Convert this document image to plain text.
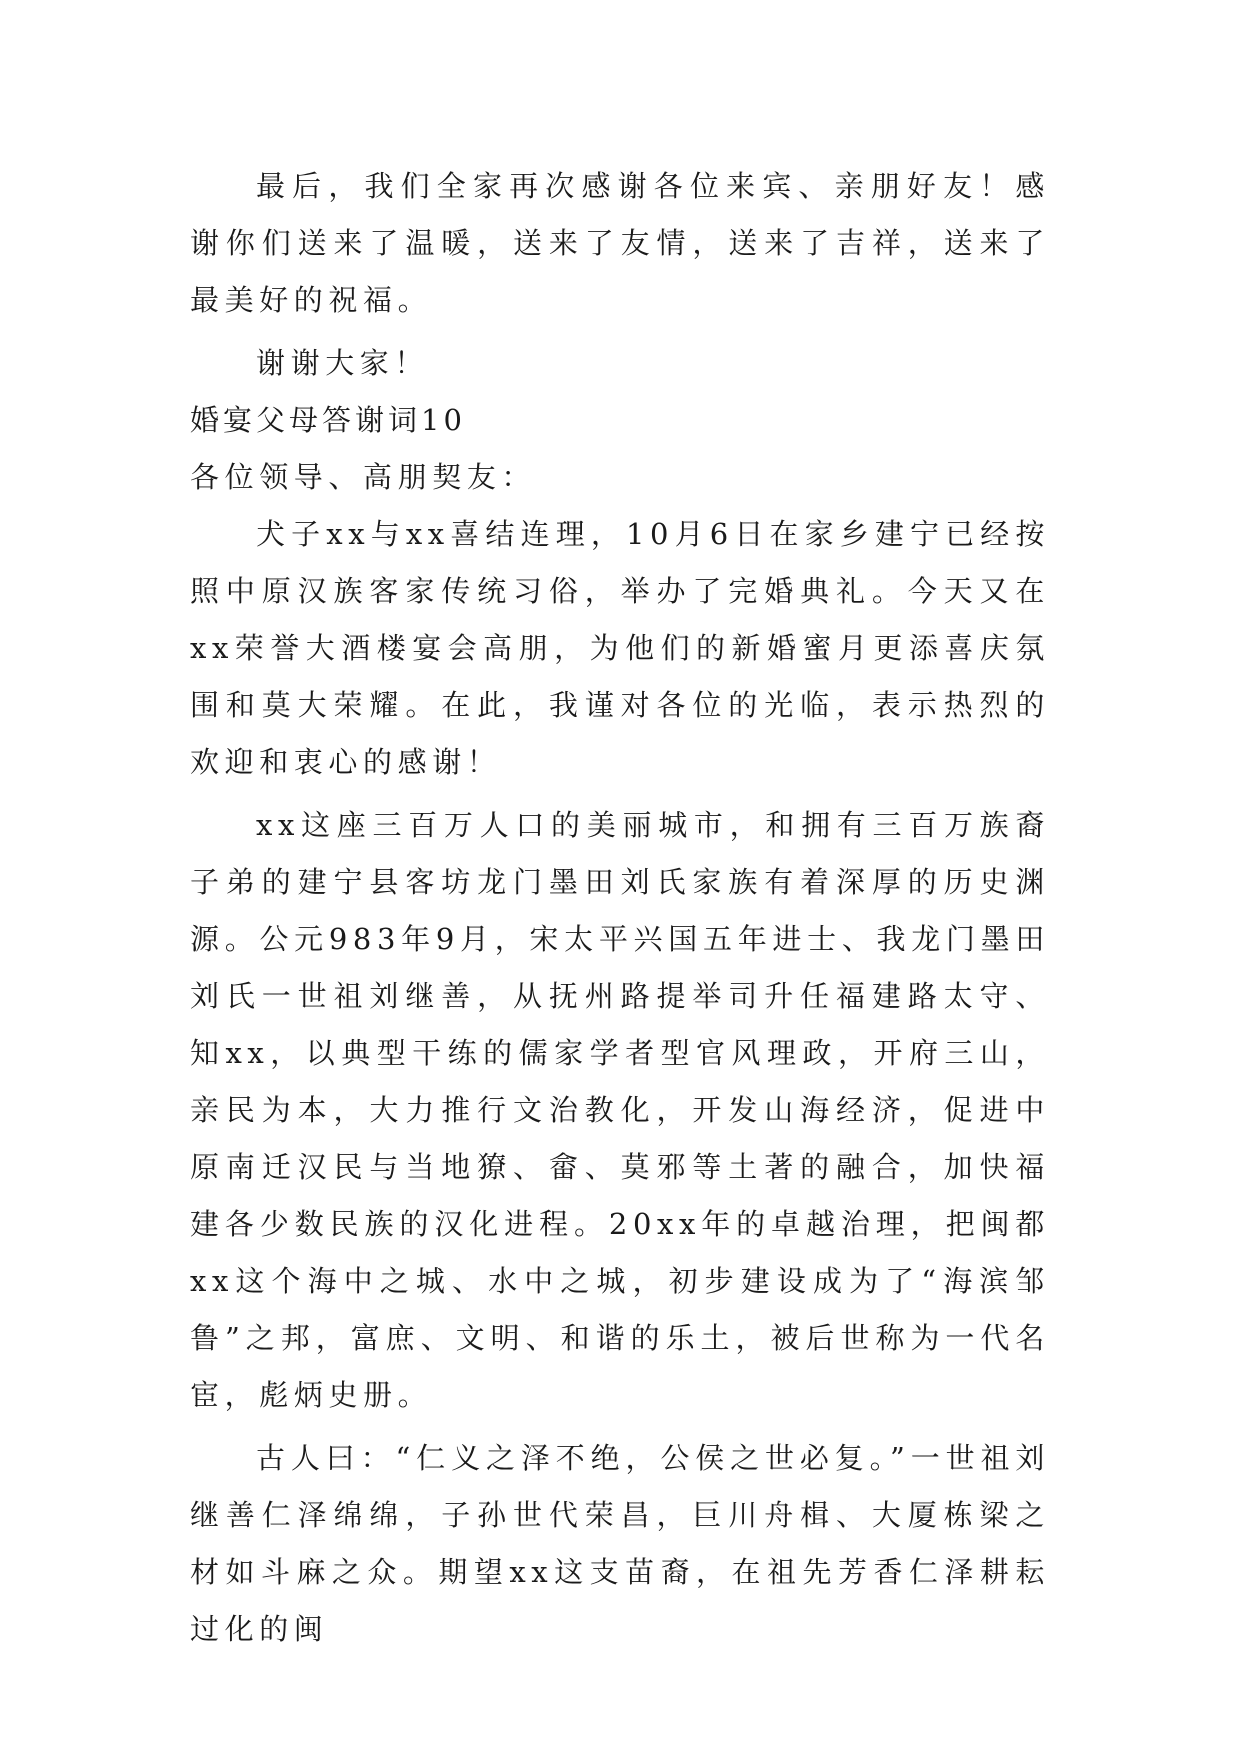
最后，我们全家再次感谢各位来宾、亲朋好友！感谢你们送来了温暖，送来了友情，送来了吉祥，送来了最美好的祝福。

谢谢大家！

婚宴父母答谢词10

各位领导、高朋契友：

犬子xx与xx喜结连理，10月6日在家乡建宁已经按照中原汉族客家传统习俗，举办了完婚典礼。今天又在xx荣誉大酒楼宴会高朋，为他们的新婚蜜月更添喜庆氛围和莫大荣耀。在此，我谨对各位的光临，表示热烈的欢迎和衷心的感谢！

xx这座三百万人口的美丽城市，和拥有三百万族裔子弟的建宁县客坊龙门墨田刘氏家族有着深厚的历史渊源。公元983年9月，宋太平兴国五年进士、我龙门墨田刘氏一世祖刘继善，从抚州路提举司升任福建路太守、知xx，以典型干练的儒家学者型官风理政，开府三山，亲民为本，大力推行文治教化，开发山海经济，促进中原南迁汉民与当地獠、畲、莫邪等土著的融合，加快福建各少数民族的汉化进程。20xx年的卓越治理，把闽都xx这个海中之城、水中之城，初步建设成为了“海滨邹鲁”之邦，富庶、文明、和谐的乐土，被后世称为一代名宦，彪炳史册。

古人曰：“仁义之泽不绝，公侯之世必复。”一世祖刘继善仁泽绵绵，子孙世代荣昌，巨川舟楫、大厦栋梁之材如斗麻之众。期望xx这支苗裔，在祖先芳香仁泽耕耘过化的闽
